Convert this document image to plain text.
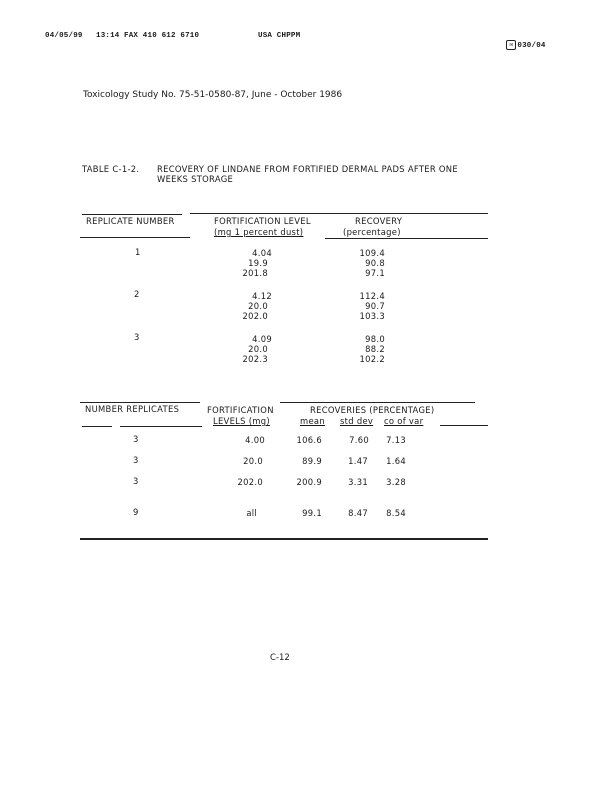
04/05/99 13:14 FAX 410 612 6710	USA CHPPM

✉ 030/04

Toxicology Study No. 75-51-0580-87, June - October 1986
TABLE C-1-2. RECOVERY OF LINDANE FROM FORTIFIED DERMAL PADS AFTER ONE
WEEKS STORAGE
REPLICATE NUMBER	FORTIFICATION LEVEL
(mg 1 percent dust)
RECOVERY
(percentage)
1	4.04	109.4
19.9	90.8
201.8	97.1
2	4.12	112.4
20.0	90.7
202.0	103.3
3	4.09	98.0
20.0	88.2
202.3	102.2
NUMBER REPLICATES	FORTIFICATION
LEVELS (mg)
RECOVERIES (PERCENTAGE)
mean std dev co of var
3	4.00	106.6	7.60	7.13
3	20.0	89.9	1.47	1.64
3	202.0	200.9	3.31	3.28
9	all	99.1	8.47	8.54
C-12
